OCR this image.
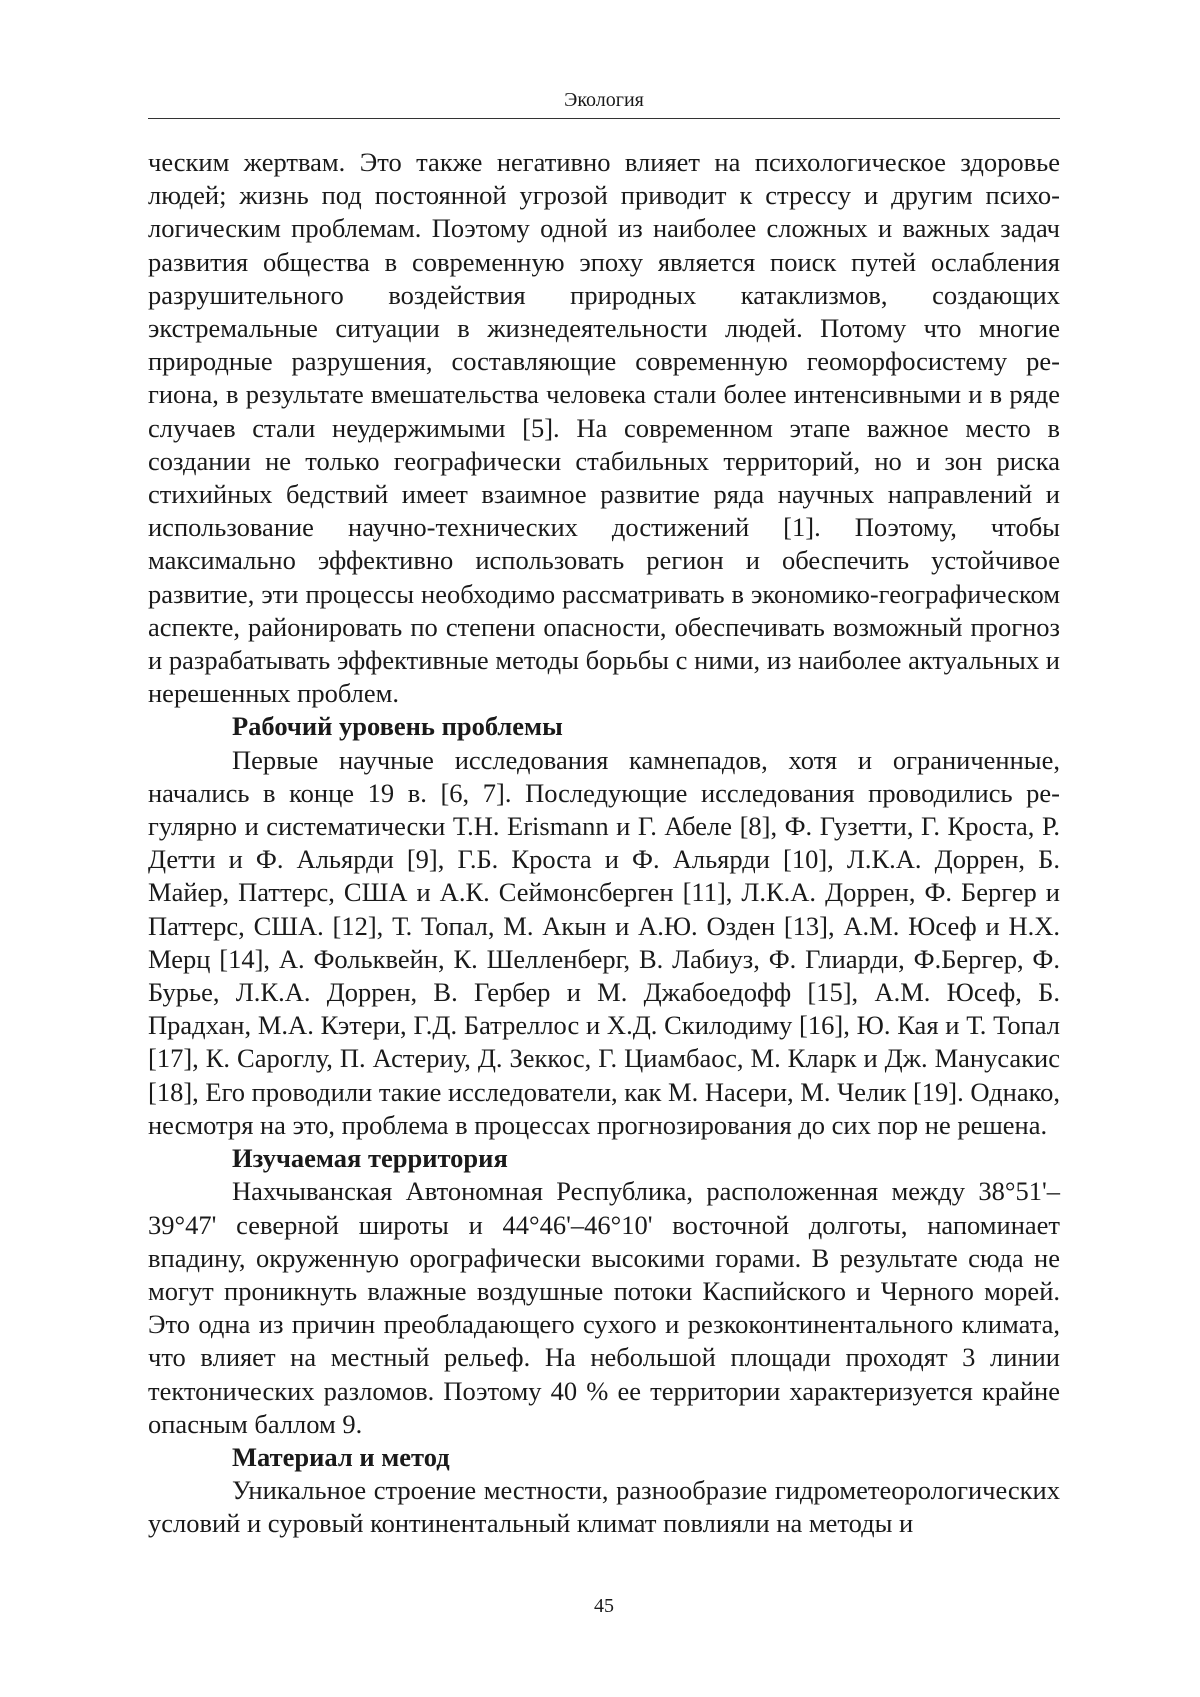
Экология

ческим жертвам. Это также негативно влияет на психологическое здоровье людей; жизнь под постоянной угрозой приводит к стрессу и другим психологическим проблемам. Поэтому одной из наиболее сложных и важных задач развития общества в современную эпоху является поиск путей ослабления разрушительного воздействия природных катаклизмов, создающих экстремальные ситуации в жизнедеятельности людей. Потому что многие природные разрушения, составляющие современную геоморфосистему региона, в результате вмешательства человека стали более интенсивными и в ряде случаев стали неудержимыми [5]. На современном этапе важное место в создании не только географически стабильных территорий, но и зон риска стихийных бедствий имеет взаимное развитие ряда научных направлений и использование научно-технических достижений [1]. Поэтому, чтобы максимально эффективно использовать регион и обеспечить устойчивое развитие, эти процессы необходимо рассматривать в экономико-географическом аспекте, районировать по степени опасности, обеспечивать возможный прогноз и разрабатывать эффективные методы борьбы с ними, из наиболее актуальных и нерешенных проблем.

Рабочий уровень проблемы

Первые научные исследования камнепадов, хотя и ограниченные, начались в конце 19 в. [6, 7]. Последующие исследования проводились регулярно и систематически T.H. Erismann и Г. Абеле [8], Ф. Гузетти, Г. Кроста, Р. Детти и Ф. Альярди [9], Г.Б. Кроста и Ф. Альярди [10], Л.К.А. Доррен, Б. Майер, Паттерс, США и А.К. Сеймонсберген [11], Л.К.А. Доррен, Ф. Бергер и Паттерс, США. [12], Т. Топал, М. Акын и А.Ю. Озден [13], А.М. Юсеф и Н.Х. Мерц [14], А. Фольквейн, К. Шелленберг, В. Лабиуз, Ф. Глиарди, Ф.Бергер, Ф. Бурье, Л.К.А. Доррен, В. Гербер и М. Джабоедофф [15], А.М. Юсеф, Б. Прадхан, М.А. Кэтери, Г.Д. Батреллос и Х.Д. Скилодиму [16], Ю. Кая и Т. Топал [17], К. Сароглу, П. Астериу, Д. Зеккос, Г. Циамбаос, М. Кларк и Дж. Манусакис [18], Его проводили такие исследователи, как М. Насери, М. Челик [19]. Однако, несмотря на это, проблема в процессах прогнозирования до сих пор не решена.

Изучаемая территория

Нахчыванская Автономная Республика, расположенная между 38°51'–39°47' северной широты и 44°46'–46°10' восточной долготы, напоминает впадину, окруженную орографически высокими горами. В результате сюда не могут проникнуть влажные воздушные потоки Каспийского и Черного морей. Это одна из причин преобладающего сухого и резкоконтинентального климата, что влияет на местный рельеф. На небольшой площади проходят 3 линии тектонических разломов. Поэтому 40 % ее территории характеризуется крайне опасным баллом 9.

Материал и метод

Уникальное строение местности, разнообразие гидрометеорологических условий и суровый континентальный климат повлияли на методы и

45
